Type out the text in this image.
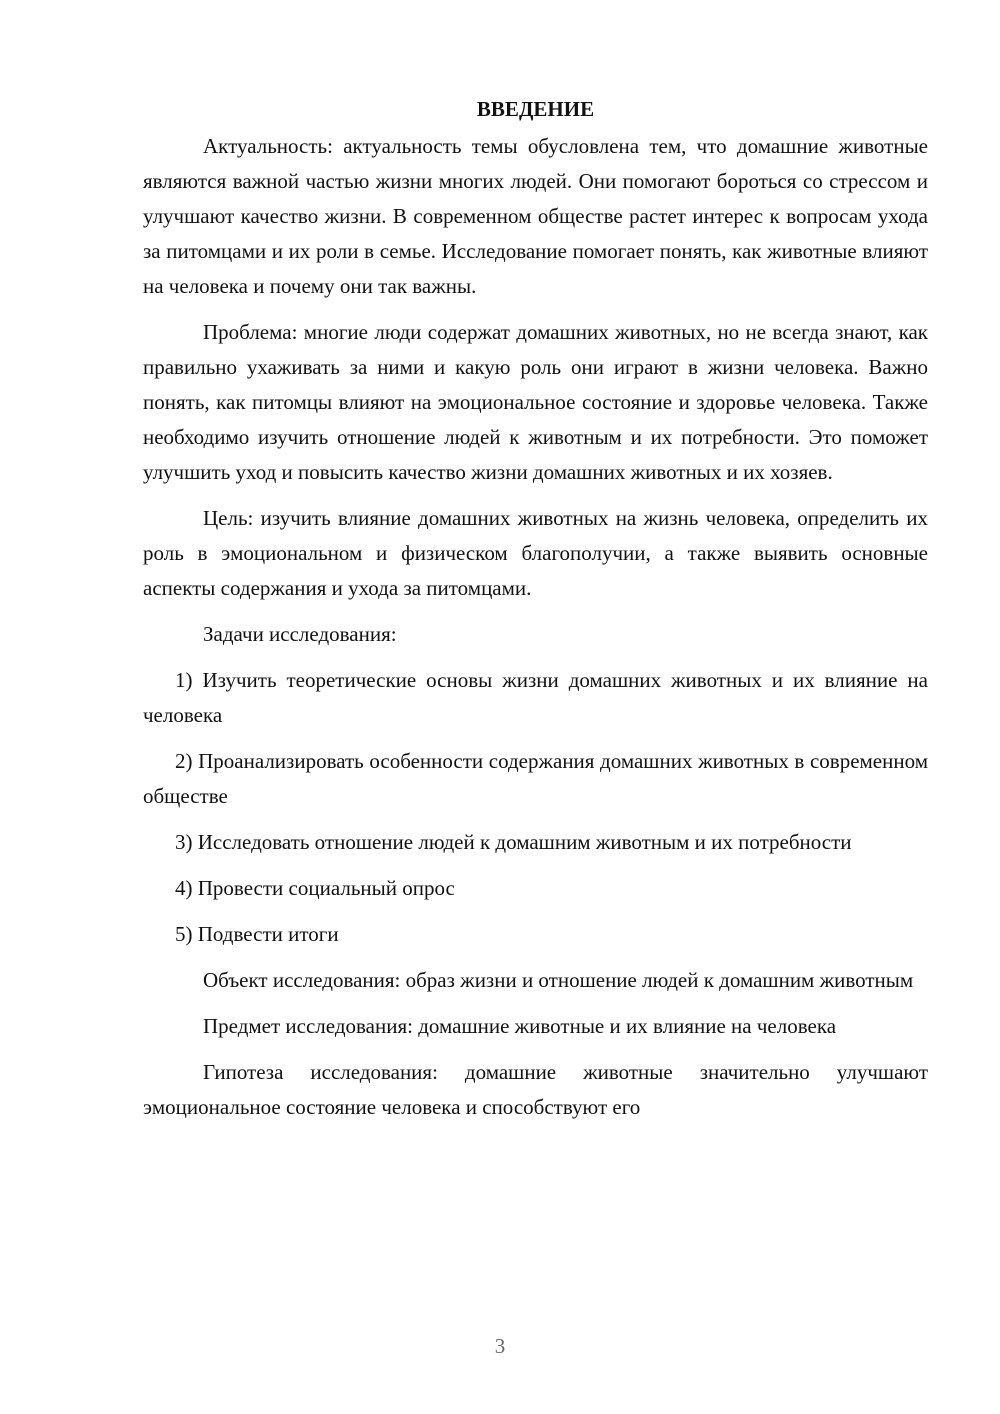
ВВЕДЕНИЕ

Актуальность: актуальность темы обусловлена тем, что домашние животные являются важной частью жизни многих людей. Они помогают бороться со стрессом и улучшают качество жизни. В современном обществе растет интерес к вопросам ухода за питомцами и их роли в семье. Исследование помогает понять, как животные влияют на человека и почему они так важны.

Проблема: многие люди содержат домашних животных, но не всегда знают, как правильно ухаживать за ними и какую роль они играют в жизни человека. Важно понять, как питомцы влияют на эмоциональное состояние и здоровье человека. Также необходимо изучить отношение людей к животным и их потребности. Это поможет улучшить уход и повысить качество жизни домашних животных и их хозяев.

Цель: изучить влияние домашних животных на жизнь человека, определить их роль в эмоциональном и физическом благополучии, а также выявить основные аспекты содержания и ухода за питомцами.

Задачи исследования:

1) Изучить теоретические основы жизни домашних животных и их влияние на человека

2) Проанализировать особенности содержания домашних животных в современном обществе

3) Исследовать отношение людей к домашним животным и их потребности

4) Провести социальный опрос

5) Подвести итоги

Объект исследования: образ жизни и отношение людей к домашним животным

Предмет исследования: домашние животные и их влияние на человека

Гипотеза исследования: домашние животные значительно улучшают эмоциональное состояние человека и способствуют его

3
